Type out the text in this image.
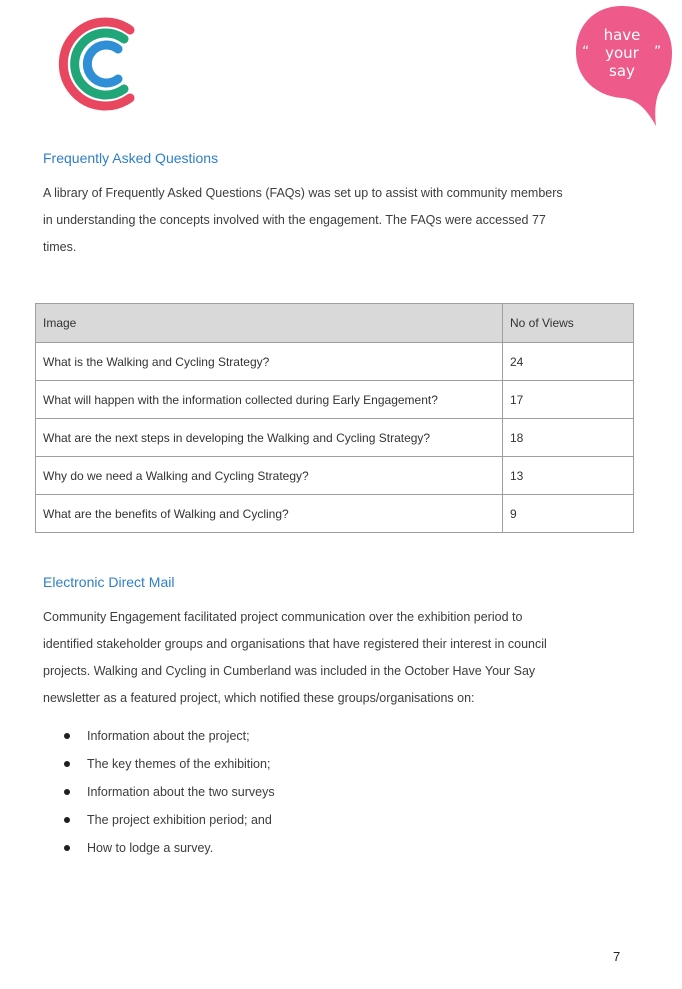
“	”
have
your
say
Frequently Asked Questions
A library of Frequently Asked Questions (FAQs) was set up to assist with community members
in understanding the concepts involved with the engagement. The FAQs were accessed 77
times.
Image	No of Views
What is the Walking and Cycling Strategy?	24
What will happen with the information collected during Early Engagement?	17
What are the next steps in developing the Walking and Cycling Strategy?	18
Why do we need a Walking and Cycling Strategy?	13
What are the benefits of Walking and Cycling?	9
Electronic Direct Mail
Community Engagement facilitated project communication over the exhibition period to
identified stakeholder groups and organisations that have registered their interest in council
projects. Walking and Cycling in Cumberland was included in the October Have Your Say
newsletter as a featured project, which notified these groups/organisations on:
Information about the project;
The key themes of the exhibition;
Information about the two surveys
The project exhibition period; and
How to lodge a survey.
7
